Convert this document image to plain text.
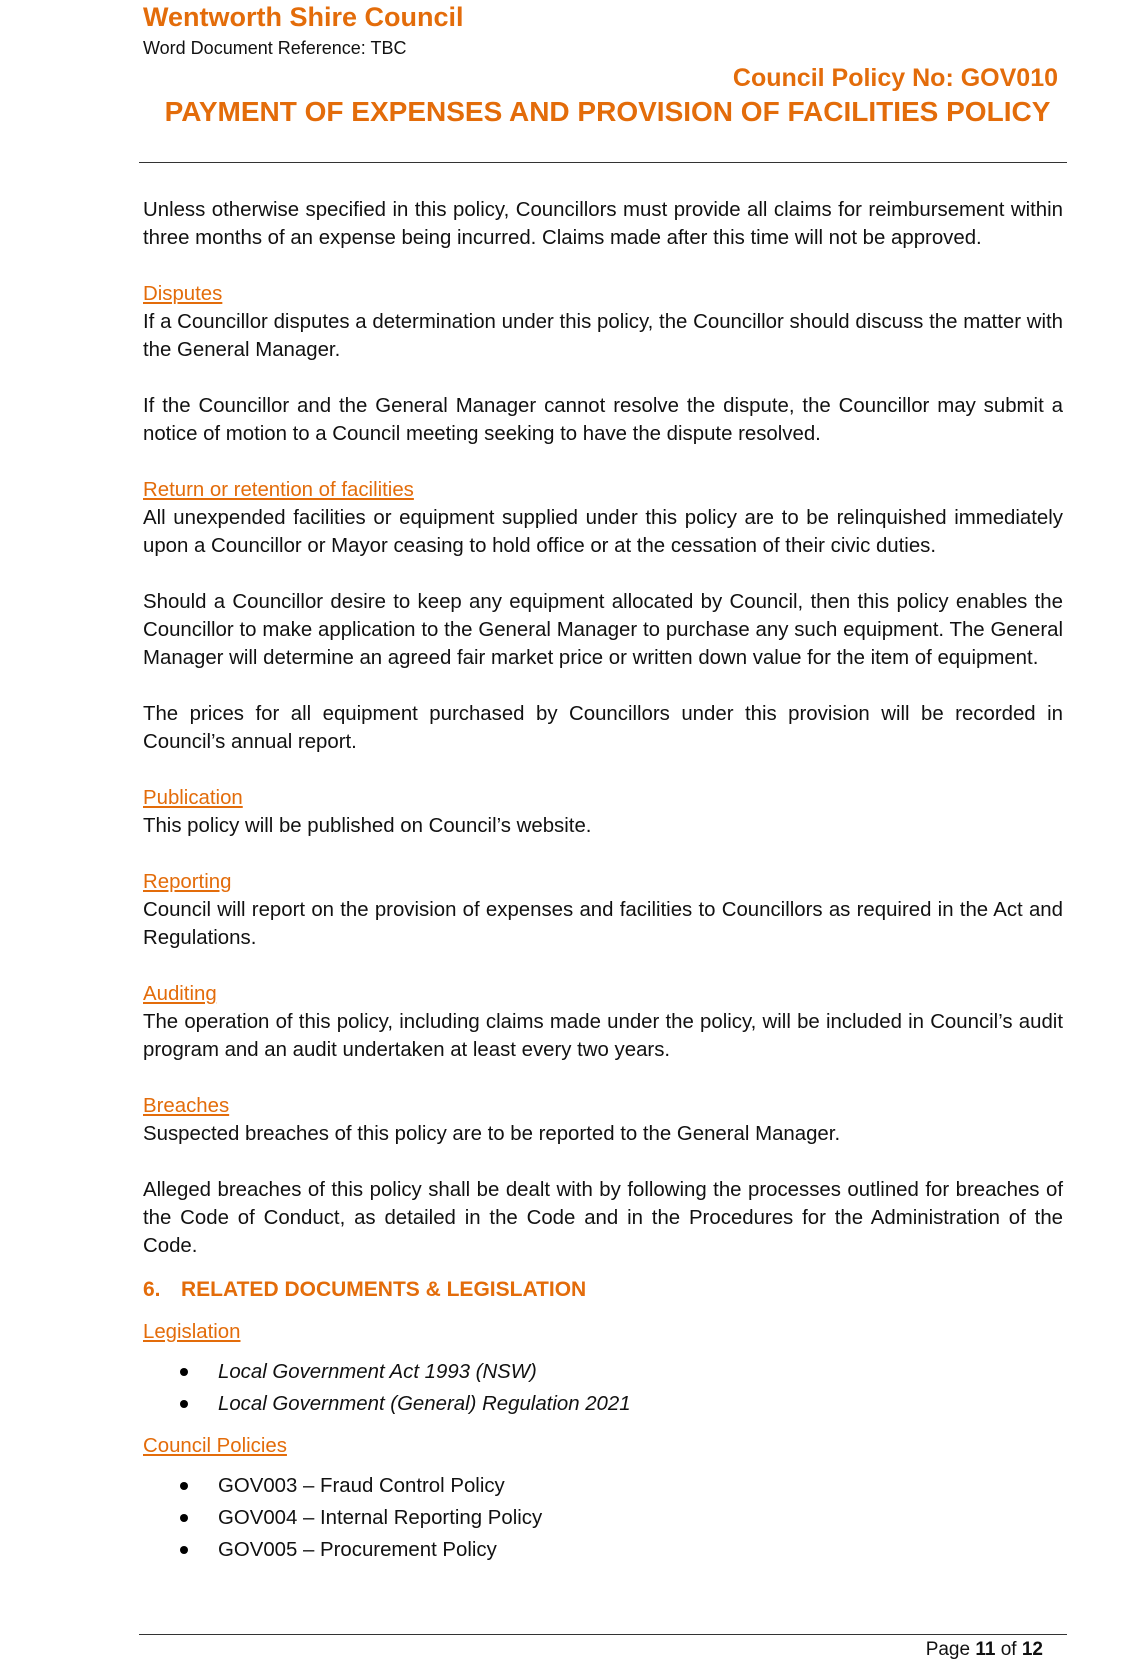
Wentworth Shire Council
Word Document Reference: TBC
Council Policy No: GOV010
PAYMENT OF EXPENSES AND PROVISION OF FACILITIES POLICY

Unless otherwise specified in this policy, Councillors must provide all claims for reimbursement within three months of an expense being incurred. Claims made after this time will not be approved.

Disputes

If a Councillor disputes a determination under this policy, the Councillor should discuss the matter with the General Manager.

If the Councillor and the General Manager cannot resolve the dispute, the Councillor may submit a notice of motion to a Council meeting seeking to have the dispute resolved.

Return or retention of facilities

All unexpended facilities or equipment supplied under this policy are to be relinquished immediately upon a Councillor or Mayor ceasing to hold office or at the cessation of their civic duties.

Should a Councillor desire to keep any equipment allocated by Council, then this policy enables the Councillor to make application to the General Manager to purchase any such equipment. The General Manager will determine an agreed fair market price or written down value for the item of equipment.

The prices for all equipment purchased by Councillors under this provision will be recorded in Council’s annual report.

Publication

This policy will be published on Council’s website.

Reporting

Council will report on the provision of expenses and facilities to Councillors as required in the Act and Regulations.

Auditing

The operation of this policy, including claims made under the policy, will be included in Council’s audit program and an audit undertaken at least every two years.

Breaches

Suspected breaches of this policy are to be reported to the General Manager.

Alleged breaches of this policy shall be dealt with by following the processes outlined for breaches of the Code of Conduct, as detailed in the Code and in the Procedures for the Administration of the Code.

6. RELATED DOCUMENTS & LEGISLATION

Legislation

Local Government Act 1993 (NSW)
Local Government (General) Regulation 2021

Council Policies

GOV003 – Fraud Control Policy
GOV004 – Internal Reporting Policy
GOV005 – Procurement Policy
Page 11 of 12
